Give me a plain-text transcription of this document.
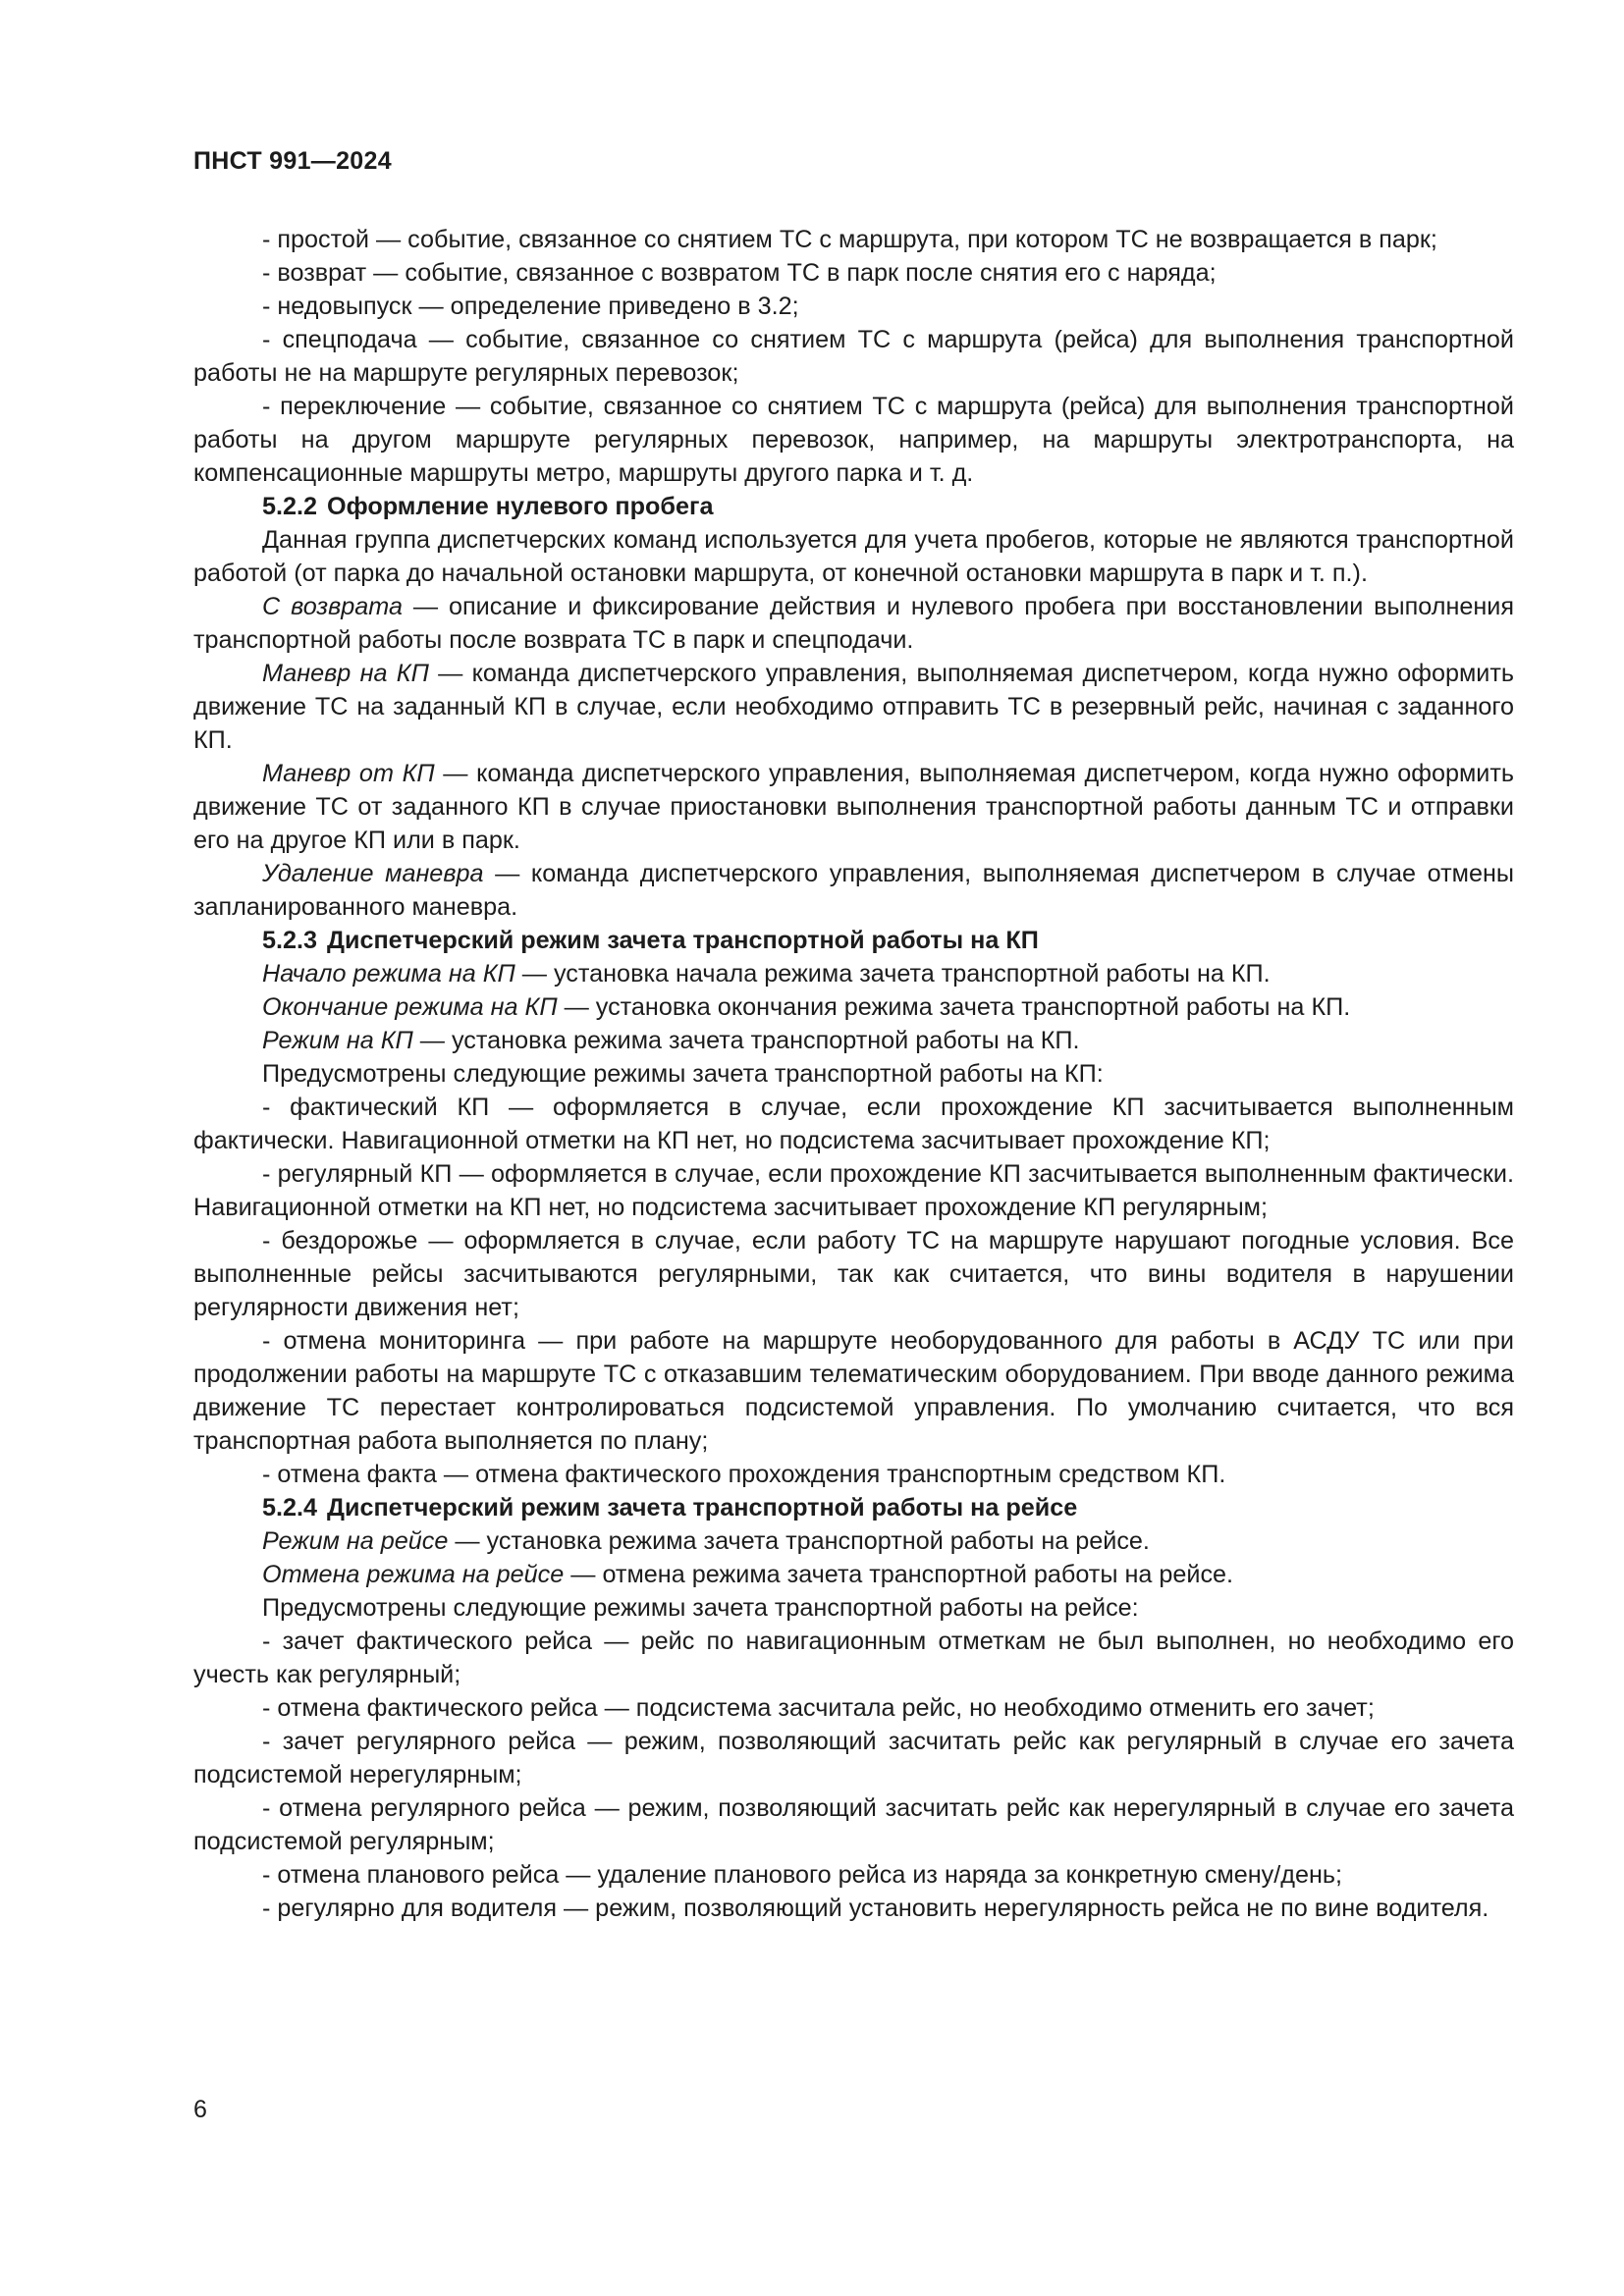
ПНСТ 991—2024

- простой — событие, связанное со снятием ТС с маршрута, при котором ТС не возвращается в парк;

- возврат — событие, связанное с возвратом ТС в парк после снятия его с наряда;

- недовыпуск — определение приведено в 3.2;

- спецподача — событие, связанное со снятием ТС с маршрута (рейса) для выполнения транспортной работы не на маршруте регулярных перевозок;

- переключение — событие, связанное со снятием ТС с маршрута (рейса) для выполнения транспортной работы на другом маршруте регулярных перевозок, например, на маршруты электротранспорта, на компенсационные маршруты метро, маршруты другого парка и т. д.

5.2.2 Оформление нулевого пробега

Данная группа диспетчерских команд используется для учета пробегов, которые не являются транспортной работой (от парка до начальной остановки маршрута, от конечной остановки маршрута в парк и т. п.).

С возврата — описание и фиксирование действия и нулевого пробега при восстановлении выполнения транспортной работы после возврата ТС в парк и спецподачи.

Маневр на КП — команда диспетчерского управления, выполняемая диспетчером, когда нужно оформить движение ТС на заданный КП в случае, если необходимо отправить ТС в резервный рейс, начиная с заданного КП.

Маневр от КП — команда диспетчерского управления, выполняемая диспетчером, когда нужно оформить движение ТС от заданного КП в случае приостановки выполнения транспортной работы данным ТС и отправки его на другое КП или в парк.

Удаление маневра — команда диспетчерского управления, выполняемая диспетчером в случае отмены запланированного маневра.

5.2.3 Диспетчерский режим зачета транспортной работы на КП

Начало режима на КП — установка начала режима зачета транспортной работы на КП.

Окончание режима на КП — установка окончания режима зачета транспортной работы на КП.

Режим на КП — установка режима зачета транспортной работы на КП.

Предусмотрены следующие режимы зачета транспортной работы на КП:

- фактический КП — оформляется в случае, если прохождение КП засчитывается выполненным фактически. Навигационной отметки на КП нет, но подсистема засчитывает прохождение КП;

- регулярный КП — оформляется в случае, если прохождение КП засчитывается выполненным фактически. Навигационной отметки на КП нет, но подсистема засчитывает прохождение КП регулярным;

- бездорожье — оформляется в случае, если работу ТС на маршруте нарушают погодные условия. Все выполненные рейсы засчитываются регулярными, так как считается, что вины водителя в нарушении регулярности движения нет;

- отмена мониторинга — при работе на маршруте необорудованного для работы в АСДУ ТС или при продолжении работы на маршруте ТС с отказавшим телематическим оборудованием. При вводе данного режима движение ТС перестает контролироваться подсистемой управления. По умолчанию считается, что вся транспортная работа выполняется по плану;

- отмена факта — отмена фактического прохождения транспортным средством КП.

5.2.4 Диспетчерский режим зачета транспортной работы на рейсе

Режим на рейсе — установка режима зачета транспортной работы на рейсе.

Отмена режима на рейсе — отмена режима зачета транспортной работы на рейсе.

Предусмотрены следующие режимы зачета транспортной работы на рейсе:

- зачет фактического рейса — рейс по навигационным отметкам не был выполнен, но необходимо его учесть как регулярный;

- отмена фактического рейса — подсистема засчитала рейс, но необходимо отменить его зачет;

- зачет регулярного рейса — режим, позволяющий засчитать рейс как регулярный в случае его зачета подсистемой нерегулярным;

- отмена регулярного рейса — режим, позволяющий засчитать рейс как нерегулярный в случае его зачета подсистемой регулярным;

- отмена планового рейса — удаление планового рейса из наряда за конкретную смену/день;

- регулярно для водителя — режим, позволяющий установить нерегулярность рейса не по вине водителя.

6
